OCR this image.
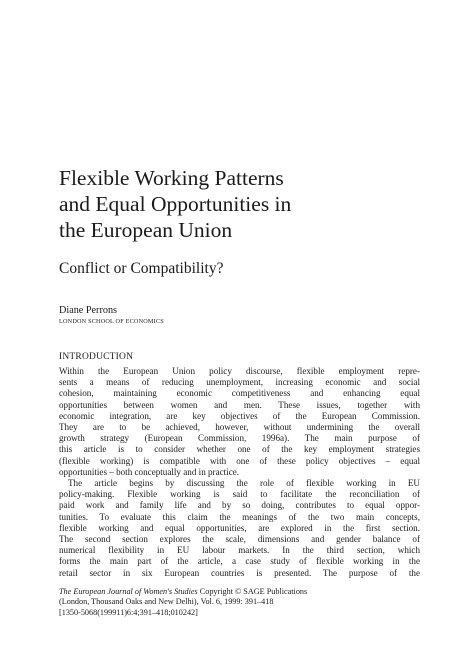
Flexible Working Patterns
and Equal Opportunities in
the European Union
Conflict or Compatibility?
Diane Perrons
LONDON SCHOOL OF ECONOMICS
INTRODUCTION
Within the European Union policy discourse, flexible employment repre-
sents a means of reducing unemployment, increasing economic and social
cohesion, maintaining economic competitiveness and enhancing equal
opportunities between women and men. These issues, together with
economic integration, are key objectives of the European Commission.
They are to be achieved, however, without undermining the overall
growth strategy (European Commission, 1996a). The main purpose of
this article is to consider whether one of the key employment strategies
(flexible working) is compatible with one of these policy objectives – equal
opportunities – both conceptually and in practice.
The article begins by discussing the role of flexible working in EU
policy-making. Flexible working is said to facilitate the reconciliation of
paid work and family life and by so doing, contributes to equal oppor-
tunities. To evaluate this claim the meanings of the two main concepts,
flexible working and equal opportunities, are explored in the first section.
The second section explores the scale, dimensions and gender balance of
numerical flexibility in EU labour markets. In the third section, which
forms the main part of the article, a case study of flexible working in the
retail sector in six European countries is presented. The purpose of the
The European Journal of Women's Studies Copyright © SAGE Publications
(London, Thousand Oaks and New Delhi), Vol. 6, 1999: 391–418
[1350-5068(199911)6:4;391–418;010242]
